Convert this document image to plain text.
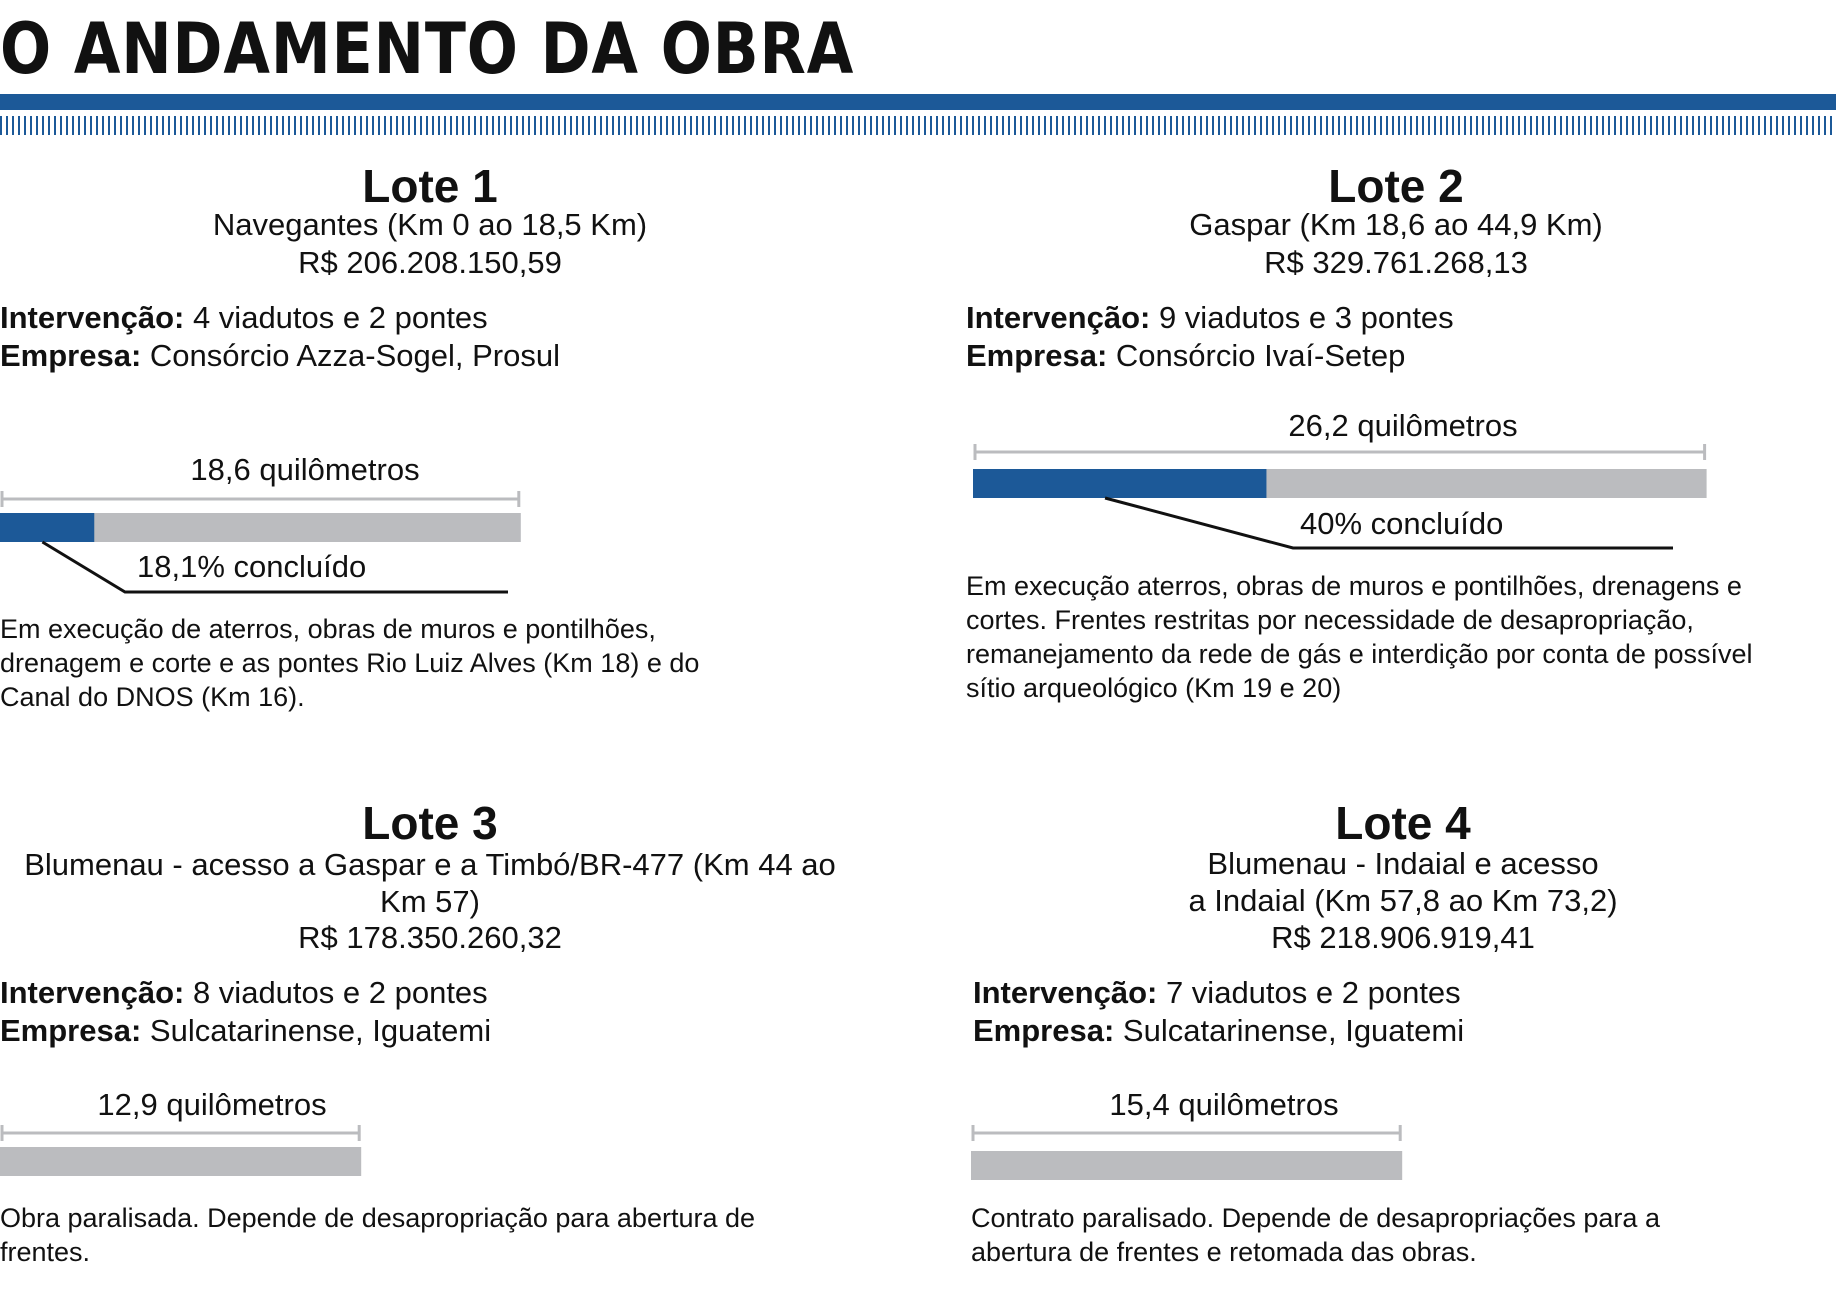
O ANDAMENTO DA OBRA
Lote 1
Navegantes (Km 0 ao 18,5 Km)
R$ 206.208.150,59
Intervenção: 4 viadutos e 2 pontes
Empresa: Consórcio Azza-Sogel, Prosul
18,6 quilômetros
18,1% concluído
Em execução de aterros, obras de muros e pontilhões, drenagem e corte e as pontes Rio Luiz Alves (Km 18) e do Canal do DNOS (Km 16).
Lote 2
Gaspar (Km 18,6 ao 44,9 Km)
R$ 329.761.268,13
Intervenção: 9 viadutos e 3 pontes
Empresa: Consórcio Ivaí-Setep
26,2 quilômetros
40% concluído
Em execução aterros, obras de muros e pontilhões, drenagens e cortes. Frentes restritas por necessidade de desapropriação, remanejamento da rede de gás e interdição por conta de possível sítio arqueológico (Km 19 e 20)
Lote 3
Blumenau - acesso a Gaspar e a Timbó/BR-477 (Km 44 ao Km 57)
R$ 178.350.260,32
Intervenção: 8 viadutos e 2 pontes
Empresa: Sulcatarinense, Iguatemi
12,9 quilômetros
Obra paralisada. Depende de desapropriação para abertura de frentes.
Lote 4
Blumenau - Indaial e acesso
a Indaial (Km 57,8 ao Km 73,2)
R$ 218.906.919,41
Intervenção: 7 viadutos e 2 pontes
Empresa: Sulcatarinense, Iguatemi
15,4 quilômetros
Contrato paralisado. Depende de desapropriações para a abertura de frentes e retomada das obras.
